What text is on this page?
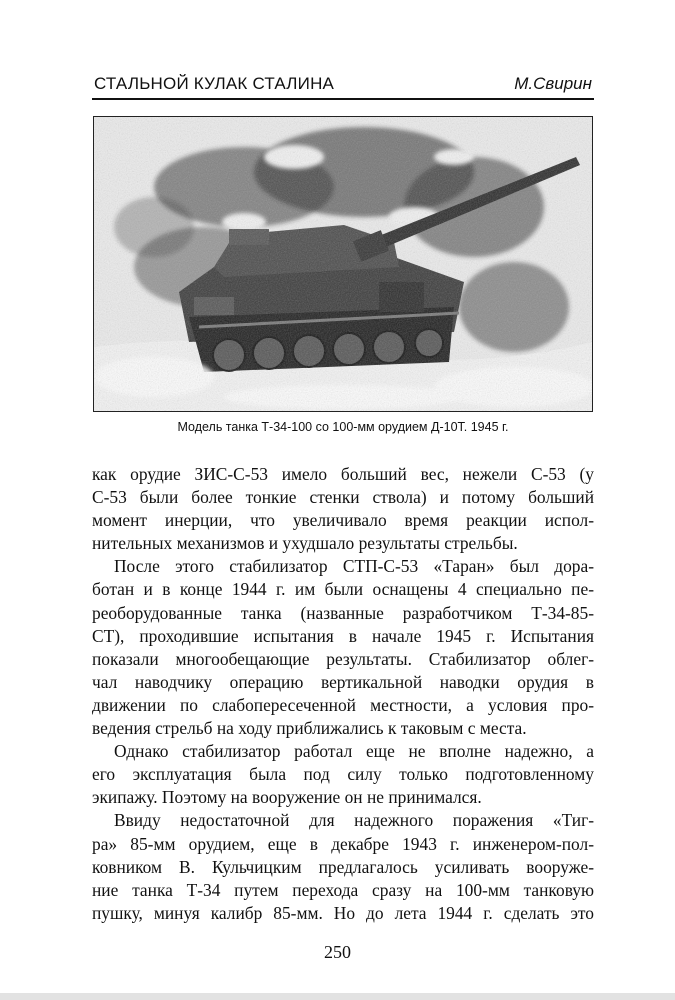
СТАЛЬНОЙ КУЛАК СТАЛИНА	М.Свирин
Модель танка Т-34-100 со 100-мм орудием Д-10Т. 1945 г.
как орудие ЗИС-С-53 имело больший вес, нежели С-53 (у
С-53 были более тонкие стенки ствола) и потому больший
момент инерции, что увеличивало время реакции испол-
нительных механизмов и ухудшало результаты стрельбы.
После этого стабилизатор СТП-С-53 «Таран» был дора-
ботан и в конце 1944 г. им были оснащены 4 специально пе-
реоборудованные танка (названные разработчиком Т-34-85-
СТ), проходившие испытания в начале 1945 г. Испытания
показали многообещающие результаты. Стабилизатор облег-
чал наводчику операцию вертикальной наводки орудия в
движении по слабопересеченной местности, а условия про-
ведения стрельб на ходу приближались к таковым с места.
Однако стабилизатор работал еще не вполне надежно, а
его эксплуатация была под силу только подготовленному
экипажу. Поэтому на вооружение он не принимался.
Ввиду недостаточной для надежного поражения «Тиг-
ра» 85-мм орудием, еще в декабре 1943 г. инженером-пол-
ковником В. Кульчицким предлагалось усиливать вооруже-
ние танка Т-34 путем перехода сразу на 100-мм танковую
пушку, минуя калибр 85-мм. Но до лета 1944 г. сделать это
250
